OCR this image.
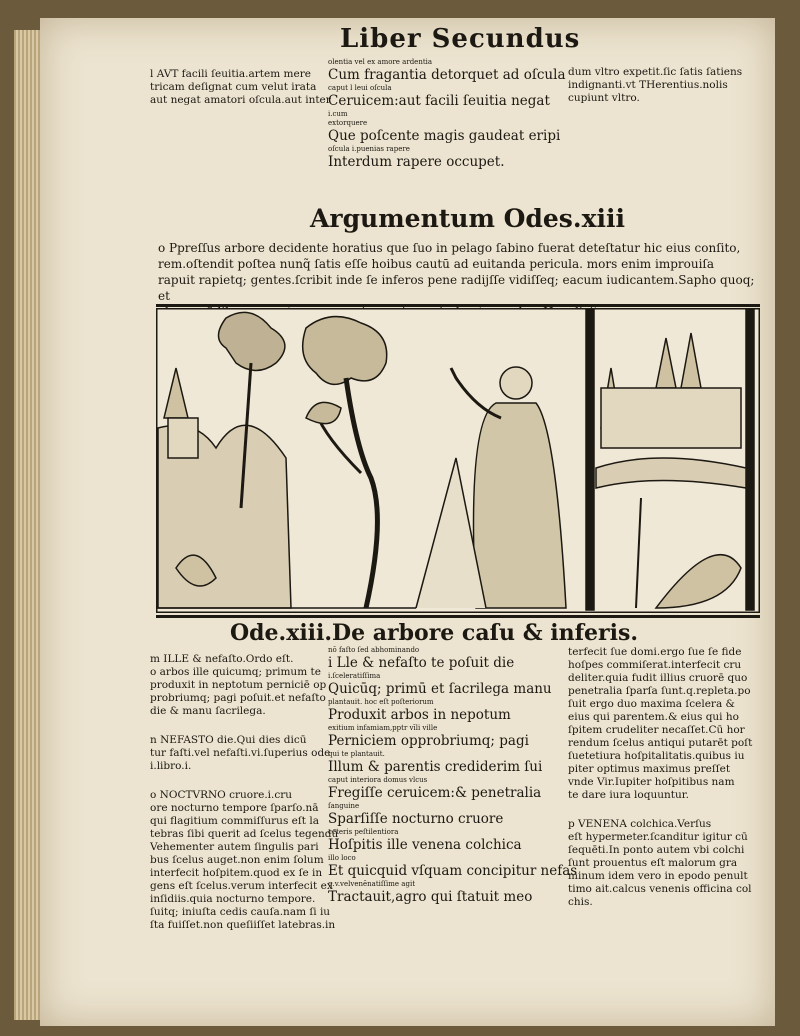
Liber Secundus
l AVT facili ſeuitia.artem mere
tricam deſignat cum velut irata
aut negat amatori oſcula.aut inter
olentia vel ex amore ardentia
Cum fragantia detorquet ad oſcula
caput l leui oſcula
Ceruicem:aut facili ſeuitia negat
i.cum
extorquere
Que poſcente magis gaudeat eripi
oſcula i.puenias rapere
Interdum rapere occupet.
dum vltro expetit.ſic ſatis ſatiens
indignanti.vt THerentius.nolis
cupiunt vltro.
Argumentum Odes.xiii
o Ppreſſus arbore decidente horatius que ſuo in pelago ſabino fuerat deteſtatur hic eius conſito,
rem.oſtendit poſtea nunq̃ ſatis eſſe hoibus cautū ad euitanda pericula. mors enim improuiſa
rapuit rapietq; gentes.ſcribit inde ſe inferos pene radijſſe vidiſſeq; eacum iudicantem.Sapho quoq; et
Ode.xiii.De arbore caſu & inferis.
m ILLE & nefaſto.Ordo eſt.
o arbos ille quicumq; primum te
produxit in neptotum perniciē op
probriumq; pagi poſuit.et nefaſto
die & manu ſacrilega.
n NEFASTO die.Qui dies dicū
tur faſti.vel nefaſti.vi.ſuperius ode
i.libro.i.
o NOCTVRNO cruore.i.cru
ore nocturno tempore ſparſo.nā
qui flagitium commiſſurus eſt la
tebras ſibi querit ad ſcelus tegendū
Vehementer autem ſingulis pari
bus ſcelus auget.non enim ſolum
interfecit hoſpitem.quod ex ſe in
gens eſt ſcelus.verum interfecit ex
inſidiis.quia nocturno tempore.
ſuitq; iniuſta cedis cauſa.nam ſi iu
ſta fuiſſet.non queſiiſſet latebras.in
nō faſto ſed abhominando
i Lle & nefaſto te poſuit die
i.ſceleratiſſima
Quicūq; primū et ſacrilega manu
plantauit. hoc eſt poſteriorum
Produxit arbos in nepotum
exitium infamiam,pptr vīli ville
Perniciem opprobriumq; pagi
qui te plantauit.
Illum & parentis crediderim ſui
caput interiora domus vlcus
Fregiſſe ceruicem:& penetralia
ſanguine
Sparſiſſe nocturno cruore
ceteris peſtilentiora
Hoſpitis ille venena colchica
illo loco
Et quicquid vſquam concipitur nefas
q.v.velvenēnatiſſime agit
Tractauit,agro qui ſtatuit meo
terfecit ſue domi.ergo ſue ſe fide
hoſpes commiſerat.interfecit cru
deliter.quia fudit illius cruorē quo
penetralia ſparſa ſunt.q.repleta.po
ſuit ergo duo maxima ſcelera &
eius qui parentem.& eius qui ho
ſpitem crudeliter necaſſet.Cū hor
rendum ſcelus antiqui putarēt poſt
ſuetetiura hoſpitalitatis.quibus iu
piter optimus maximus preſſet
vnde Vir.Iupiter hoſpitibus nam
te dare iura loquuntur.
p VENENA colchica.Verſus
eſt hypermeter.ſcanditur igitur cū
ſequēti.In ponto autem vbi colchi
ſunt prouentus eſt malorum gra
minum idem vero in epodo penult
timo ait.calcus venenis officina col
chis.
